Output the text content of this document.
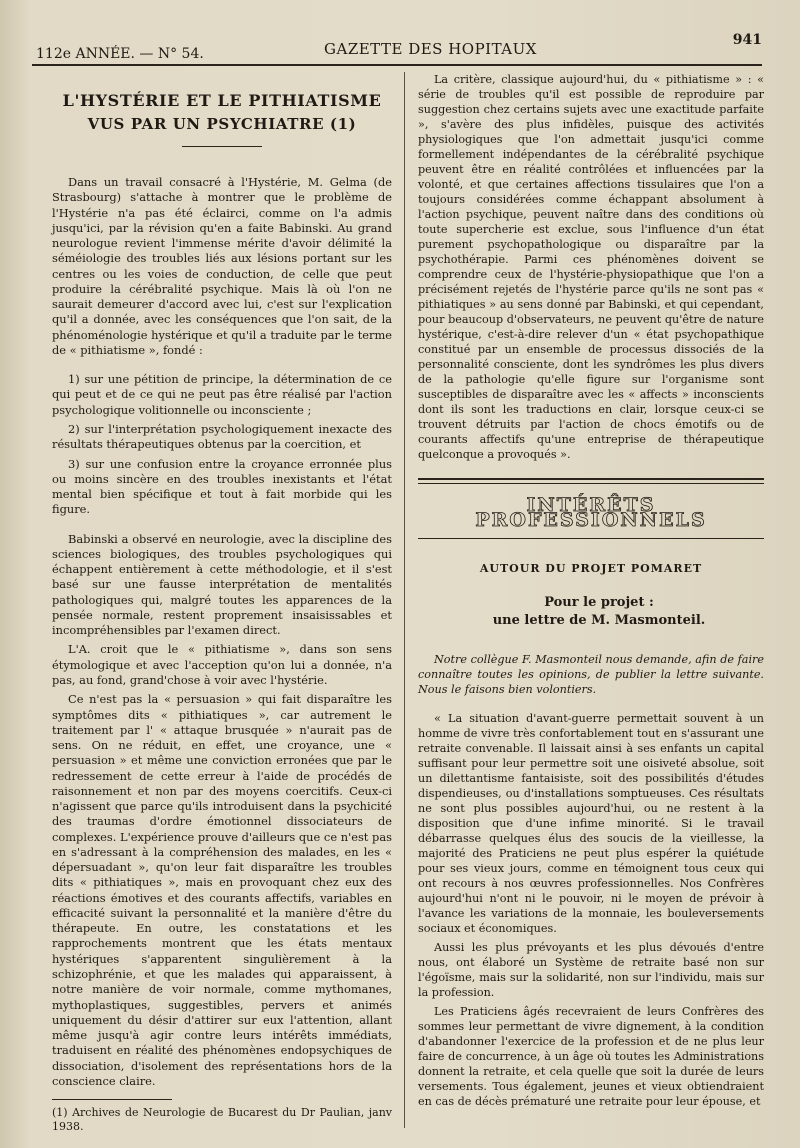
112e ANNÉE. — N° 54.	GAZETTE DES HOPITAUX	941
L'HYSTÉRIE ET LE PITHIATISME
VUS PAR UN PSYCHIATRE (1)

Dans un travail consacré à l'Hystérie, M. Gelma (de Strasbourg) s'attache à montrer que le problème de l'Hystérie n'a pas été éclairci, comme on l'a admis jusqu'ici, par la révision qu'en a faite Babinski. Au grand neurologue revient l'immense mérite d'avoir délimité la séméiologie des troubles liés aux lésions portant sur les centres ou les voies de conduction, de celle que peut produire la cérébralité psychique. Mais là où l'on ne saurait demeurer d'accord avec lui, c'est sur l'explication qu'il a donnée, avec les conséquences que l'on sait, de la phénoménologie hystérique et qu'il a traduite par le terme de « pithiatisme », fondé :

1) sur une pétition de principe, la détermination de ce qui peut et de ce qui ne peut pas être réalisé par l'action psychologique volitionnelle ou inconsciente ;

2) sur l'interprétation psychologiquement inexacte des résultats thérapeutiques obtenus par la coercition, et

3) sur une confusion entre la croyance erronnée plus ou moins sincère en des troubles inexistants et l'état mental bien spécifique et tout à fait morbide qui les figure.

Babinski a observé en neurologie, avec la discipline des sciences biologiques, des troubles psychologiques qui échappent entièrement à cette méthodologie, et il s'est basé sur une fausse interprétation de mentalités pathologiques qui, malgré toutes les apparences de la pensée normale, restent proprement insaisissables et incompréhensibles par l'examen direct.

L'A. croit que le « pithiatisme », dans son sens étymologique et avec l'acception qu'on lui a donnée, n'a pas, au fond, grand'chose à voir avec l'hystérie.

Ce n'est pas la « persuasion » qui fait disparaître les symptômes dits « pithiatiques », car autrement le traitement par l' « attaque brusquée » n'aurait pas de sens. On ne réduit, en effet, une croyance, une « persuasion » et même une conviction erronées que par le redressement de cette erreur à l'aide de procédés de raisonnement et non par des moyens coercitifs. Ceux-ci n'agissent que parce qu'ils introduisent dans la psychicité des traumas d'ordre émotionnel dissociateurs de complexes. L'expérience prouve d'ailleurs que ce n'est pas en s'adressant à la compréhension des malades, en les « dépersuadant », qu'on leur fait disparaître les troubles dits « pithiatiques », mais en provoquant chez eux des réactions émotives et des courants affectifs, variables en efficacité suivant la personnalité et la manière d'être du thérapeute. En outre, les constatations et les rapprochements montrent que les états mentaux hystériques s'apparentent singulièrement à la schizophrénie, et que les malades qui apparaissent, à notre manière de voir normale, comme mythomanes, mythoplastiques, suggestibles, pervers et animés uniquement du désir d'attirer sur eux l'attention, allant même jusqu'à agir contre leurs intérêts immédiats, traduisent en réalité des phénomènes endopsychiques de dissociation, d'isolement des représentations hors de la conscience claire.

(1) Archives de Neurologie de Bucarest du Dr Paulian, janv 1938.

La critère, classique aujourd'hui, du « pithiatisme » : « série de troubles qu'il est possible de reproduire par suggestion chez certains sujets avec une exactitude parfaite », s'avère des plus infidèles, puisque des activités physiologiques que l'on admettait jusqu'ici comme formellement indépendantes de la cérébralité psychique peuvent être en réalité contrôlées et influencées par la volonté, et que certaines affections tissulaires que l'on a toujours considérées comme échappant absolument à l'action psychique, peuvent naître dans des conditions où toute supercherie est exclue, sous l'influence d'un état purement psychopathologique ou disparaître par la psychothérapie. Parmi ces phénomènes doivent se comprendre ceux de l'hystérie-physiopathique que l'on a précisément rejetés de l'hystérie parce qu'ils ne sont pas « pithiatiques » au sens donné par Babinski, et qui cependant, pour beaucoup d'observateurs, ne peuvent qu'être de nature hystérique, c'est-à-dire relever d'un « état psychopathique constitué par un ensemble de processus dissociés de la personnalité consciente, dont les syndrômes les plus divers de la pathologie qu'elle figure sur l'organisme sont susceptibles de disparaître avec les « affects » inconscients dont ils sont les traductions en clair, lorsque ceux-ci se trouvent détruits par l'action de chocs émotifs ou de courants affectifs qu'une entreprise de thérapeutique quelconque a provoqués ».

INTÉRÊTS PROFESSIONNELS
AUTOUR DU PROJET POMARET

Pour le projet :

une lettre de M. Masmonteil.

Notre collègue F. Masmonteil nous demande, afin de faire connaître toutes les opinions, de publier la lettre suivante. Nous le faisons bien volontiers.

« La situation d'avant-guerre permettait souvent à un homme de vivre très confortablement tout en s'assurant une retraite convenable. Il laissait ainsi à ses enfants un capital suffisant pour leur permettre soit une oisiveté absolue, soit un dilettantisme fantaisiste, soit des possibilités d'études dispendieuses, ou d'installations somptueuses. Ces résultats ne sont plus possibles aujourd'hui, ou ne restent à la disposition que d'une infime minorité. Si le travail débarrasse quelques élus des soucis de la vieillesse, la majorité des Praticiens ne peut plus espérer la quiétude pour ses vieux jours, comme en témoignent tous ceux qui ont recours à nos œuvres professionnelles. Nos Confrères aujourd'hui n'ont ni le pouvoir, ni le moyen de prévoir à l'avance les variations de la monnaie, les bouleversements sociaux et économiques.

Aussi les plus prévoyants et les plus dévoués d'entre nous, ont élaboré un Système de retraite basé non sur l'égoïsme, mais sur la solidarité, non sur l'individu, mais sur la profession.

Les Praticiens âgés recevraient de leurs Confrères des sommes leur permettant de vivre dignement, à la condition d'abandonner l'exercice de la profession et de ne plus leur faire de concurrence, à un âge où toutes les Administrations donnent la retraite, et cela quelle que soit la durée de leurs versements. Tous également, jeunes et vieux obtiendraient en cas de décès prématuré une retraite pour leur épouse, et
